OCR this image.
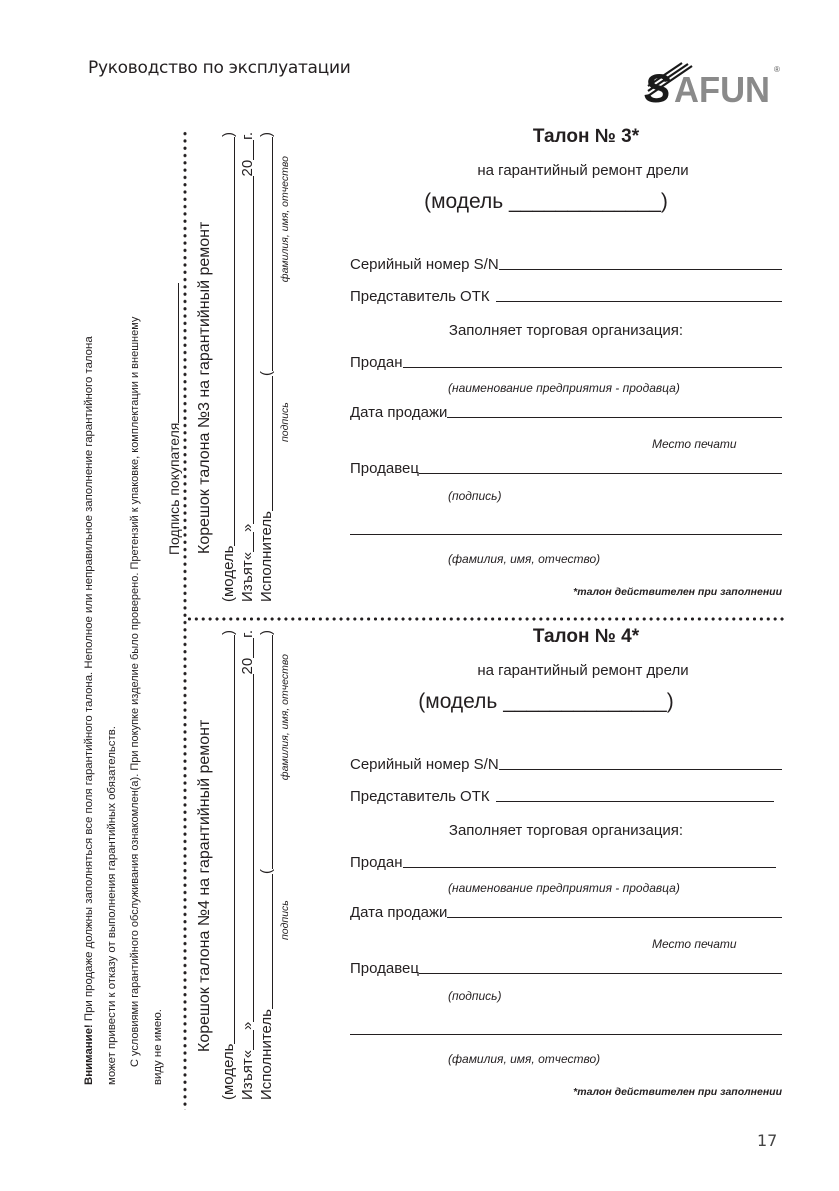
Руководство по эксплуатации	S AFUN ®
Внимание! При продаже должны заполняться все поля гарантийного талона. Неполное или неправильное заполнение гарантийного талона может привести к отказу от выполнения гарантийных обязательств. С условиями гарантийного обслуживания ознакомлен(а). При покупке изделие было проверено. Претензий к упаковке, комплектации и внешнему виду не имею.
Подпись покупателя Корешок талона №3 на гарантийный ремонт
(модель
)
Изъят«
»
20
г.
Исполнитель
(
)
подпись
фамилия, имя, отчество
Корешок талона №4 на гарантийный ремонт
(модель
)
Изъят«
»
20
г.
Исполнитель
(
)
подпись
фамилия, имя, отчество
Талон № 3*
на гарантийный ремонт дрели
(модель _____________)
Серийный номер S/N
Представитель ОТК
Заполняет торговая организация:
Продан
(наименование предприятия - продавца)
Дата продажи
Место печати
Продавец
(подпись)
(фамилия, имя, отчество)
*талон действителен при заполнении
Талон № 4*
на гарантийный ремонт дрели
(модель ______________)
Серийный номер S/N
Представитель ОТК
Заполняет торговая организация:
Продан
(наименование предприятия - продавца)
Дата продажи
Место печати
Продавец
(подпись)
(фамилия, имя, отчество)
*талон действителен при заполнении
17
